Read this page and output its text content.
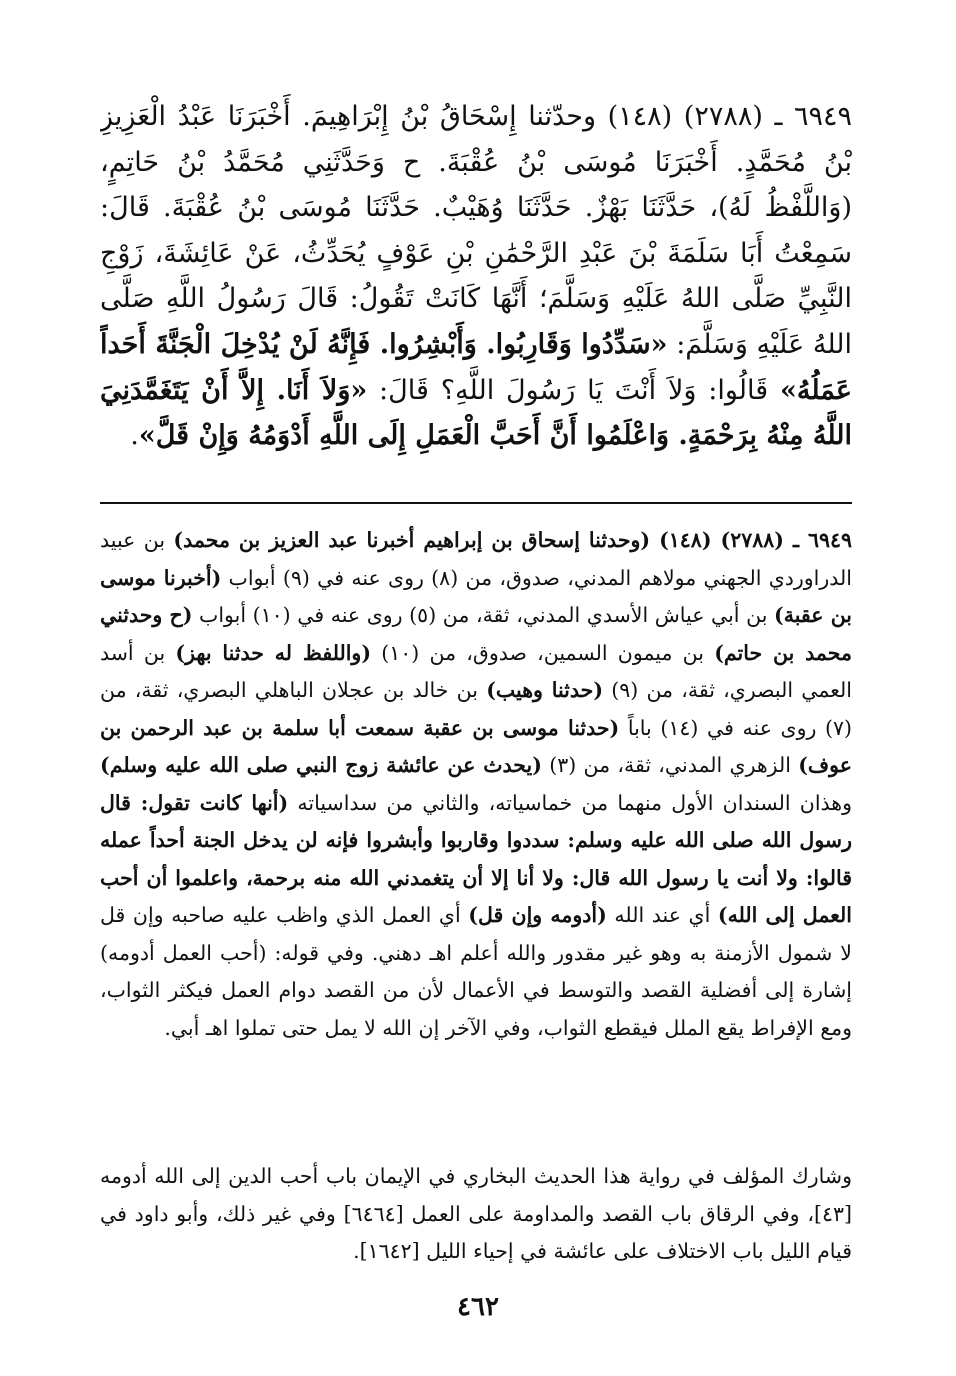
٦٩٤٩ ـ (٢٧٨٨) (١٤٨) وحدّثنا إِسْحَاقُ بْنُ إِبْرَاهِيمَ. أَخْبَرَنَا عَبْدُ الْعَزِيزِ بْنُ مُحَمَّدٍ. أَخْبَرَنَا مُوسَى بْنُ عُقْبَةَ. ح وَحَدَّثَنِي مُحَمَّدُ بْنُ حَاتِمٍ، (وَاللَّفْظُ لَهُ)، حَدَّثَنَا بَهْزٌ. حَدَّثَنَا وُهَيْبٌ. حَدَّثَنَا مُوسَى بْنُ عُقْبَةَ. قَالَ: سَمِعْتُ أَبَا سَلَمَةَ بْنَ عَبْدِ الرَّحْمَٰنِ بْنِ عَوْفٍ يُحَدِّثُ، عَنْ عَائِشَةَ، زَوْجِ النَّبِيِّ صَلَّى اللهُ عَلَيْهِ وَسَلَّمَ؛ أَنَّهَا كَانَتْ تَقُولُ: قَالَ رَسُولُ اللَّهِ صَلَّى اللهُ عَلَيْهِ وَسَلَّمَ: «سَدِّدُوا وَقَارِبُوا. وَأَبْشِرُوا. فَإِنَّهُ لَنْ يُدْخِلَ الْجَنَّةَ أَحَداً عَمَلُهُ» قَالُوا: وَلاَ أَنْتَ يَا رَسُولَ اللَّهِ؟ قَالَ: «وَلاَ أَنَا. إِلاَّ أَنْ يَتَغَمَّدَنِيَ اللَّهُ مِنْهُ بِرَحْمَةٍ. وَاعْلَمُوا أَنَّ أَحَبَّ الْعَمَلِ إِلَى اللَّهِ أَدْوَمُهُ وَإِنْ قَلَّ».

٦٩٤٩ ـ (٢٧٨٨) (١٤٨) (وحدثنا إسحاق بن إبراهيم أخبرنا عبد العزيز بن محمد) بن عبيد الدراوردي الجهني مولاهم المدني، صدوق، من (٨) روى عنه في (٩) أبواب (أخبرنا موسى بن عقبة) بن أبي عياش الأسدي المدني، ثقة، من (٥) روى عنه في (١٠) أبواب (ح وحدثني محمد بن حاتم) بن ميمون السمين، صدوق، من (١٠) (واللفظ له حدثنا بهز) بن أسد العمي البصري، ثقة، من (٩) (حدثنا وهيب) بن خالد بن عجلان الباهلي البصري، ثقة، من (٧) روى عنه في (١٤) باباً (حدثنا موسى بن عقبة سمعت أبا سلمة بن عبد الرحمن بن عوف) الزهري المدني، ثقة، من (٣) (يحدث عن عائشة زوج النبي صلى الله عليه وسلم) وهذان السندان الأول منهما من خماسياته، والثاني من سداسياته (أنها كانت تقول: قال رسول الله صلى الله عليه وسلم: سددوا وقاربوا وأبشروا فإنه لن يدخل الجنة أحداً عمله قالوا: ولا أنت يا رسول الله قال: ولا أنا إلا أن يتغمدني الله منه برحمة، واعلموا أن أحب العمل إلى الله) أي عند الله (أدومه وإن قل) أي العمل الذي واظب عليه صاحبه وإن قل لا شمول الأزمنة به وهو غير مقدور والله أعلم اهـ دهني. وفي قوله: (أحب العمل أدومه) إشارة إلى أفضلية القصد والتوسط في الأعمال لأن من القصد دوام العمل فيكثر الثواب، ومع الإفراط يقع الملل فيقطع الثواب، وفي الآخر إن الله لا يمل حتى تملوا اهـ أبي.

وشارك المؤلف في رواية هذا الحديث البخاري في الإيمان باب أحب الدين إلى الله أدومه [٤٣]، وفي الرقاق باب القصد والمداومة على العمل [٦٤٦٤] وفي غير ذلك، وأبو داود في قيام الليل باب الاختلاف على عائشة في إحياء الليل [١٦٤٢].

٤٦٢
